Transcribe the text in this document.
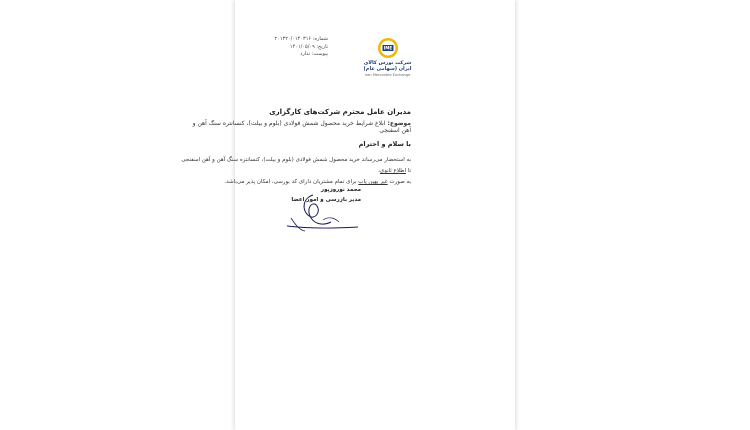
شماره: ۲۰۱۳۲۰/۰۱۴۰۳۱۶
تاریخ: ۱۴۰۱/۰۵/۰۹
پیوست: ندارد
IME
شرکت بورس کالای ایران (سهامی عام)
Iran Mercantile Exchange
مدیران عامل محترم شرکت‌های کارگزاری
موضوع: ابلاغ شرایط خرید محصول شمش فولادی (بلوم و بیلت)، کنسانتره سنگ آهن و آهن اسفنجی
با سلام و احترام
به استحضار می‌رساند خرید محصول شمش فولادی (بلوم و بیلت)، کنسانتره سنگ آهن و آهن اسفنجی تا اطلاع ثانوی،
به صورت غیر یهین یاب برای تمام مشتریان دارای کد بورسی، امکان پذیر می‌باشد.
محمد نوروزپور
مدیر بازرسی و امور اعضا
